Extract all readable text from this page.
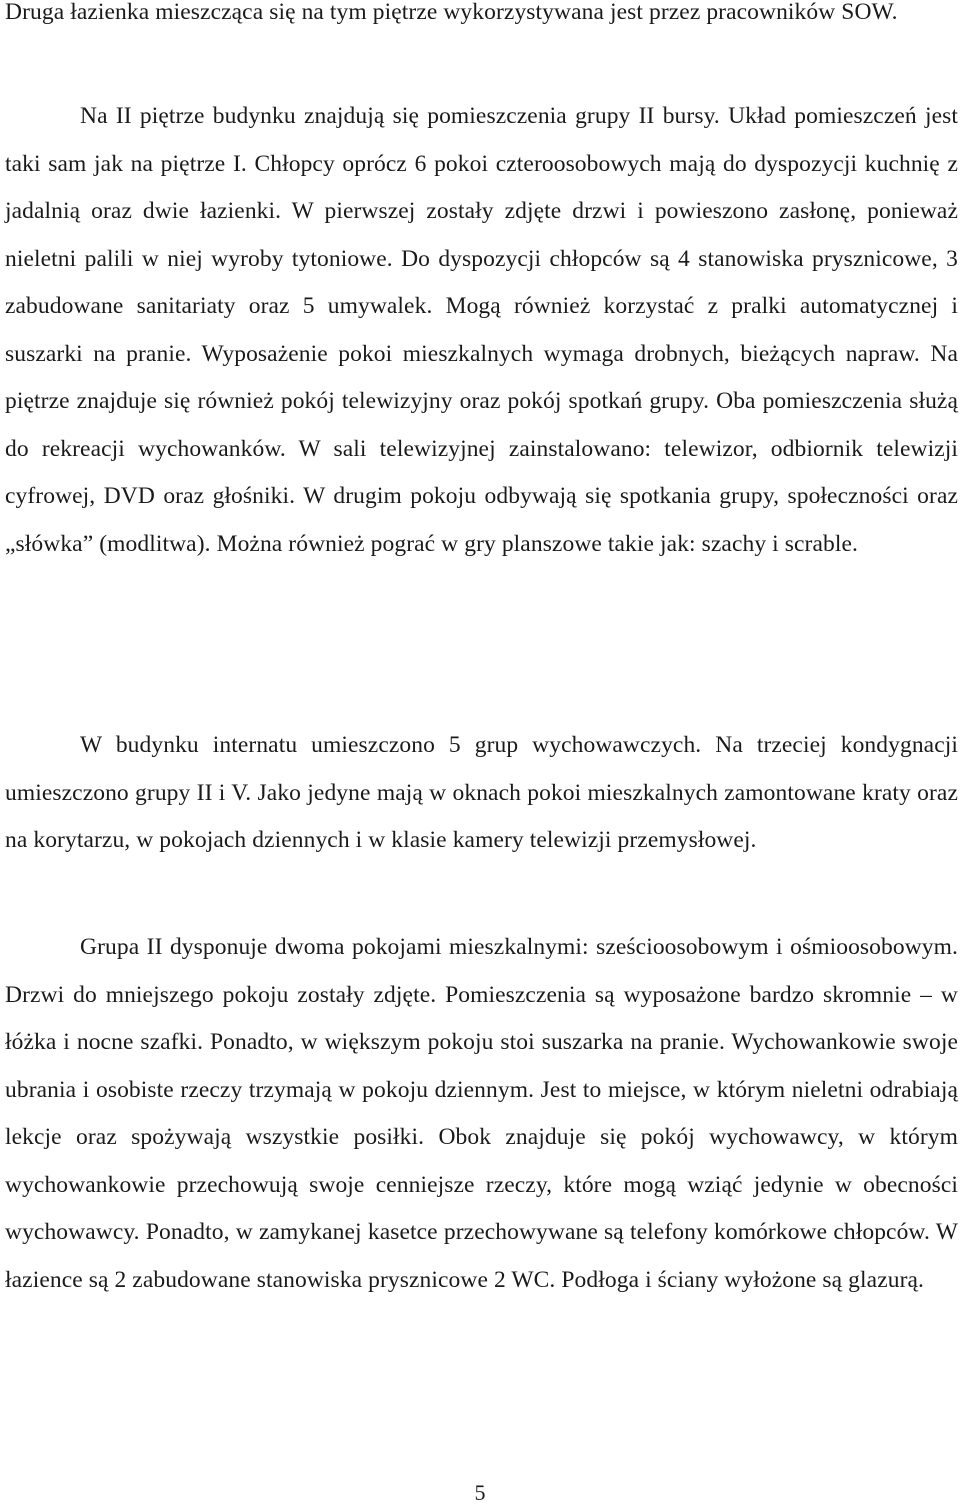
Druga łazienka mieszcząca się na tym piętrze wykorzystywana jest przez pracowników SOW.

Na II piętrze budynku znajdują się pomieszczenia grupy II bursy. Układ pomieszczeń jest taki sam jak na piętrze I. Chłopcy oprócz 6 pokoi czteroosobowych mają do dyspozycji kuchnię z jadalnią oraz dwie łazienki. W pierwszej zostały zdjęte drzwi i powieszono zasłonę, ponieważ nieletni palili w niej wyroby tytoniowe. Do dyspozycji chłopców są 4 stanowiska prysznicowe, 3 zabudowane sanitariaty oraz 5 umywalek. Mogą również korzystać z pralki automatycznej i suszarki na pranie. Wyposażenie pokoi mieszkalnych wymaga drobnych, bieżących napraw. Na piętrze znajduje się również pokój telewizyjny oraz pokój spotkań grupy. Oba pomieszczenia służą do rekreacji wychowanków. W sali telewizyjnej zainstalowano: telewizor, odbiornik telewizji cyfrowej, DVD oraz głośniki. W drugim pokoju odbywają się spotkania grupy, społeczności oraz „słówka” (modlitwa). Można również pograć w gry planszowe takie jak: szachy i scrable.

W budynku internatu umieszczono 5 grup wychowawczych. Na trzeciej kondygnacji umieszczono grupy II i V. Jako jedyne mają w oknach pokoi mieszkalnych zamontowane kraty oraz na korytarzu, w pokojach dziennych i w klasie kamery telewizji przemysłowej.

Grupa II dysponuje dwoma pokojami mieszkalnymi: sześcioosobowym i ośmioosobowym. Drzwi do mniejszego pokoju zostały zdjęte. Pomieszczenia są wyposażone bardzo skromnie – w łóżka i nocne szafki. Ponadto, w większym pokoju stoi suszarka na pranie. Wychowankowie swoje ubrania i osobiste rzeczy trzymają w pokoju dziennym. Jest to miejsce, w którym nieletni odrabiają lekcje oraz spożywają wszystkie posiłki. Obok znajduje się pokój wychowawcy, w którym wychowankowie przechowują swoje cenniejsze rzeczy, które mogą wziąć jedynie w obecności wychowawcy. Ponadto, w zamykanej kasetce przechowywane są telefony komórkowe chłopców. W łazience są 2 zabudowane stanowiska prysznicowe 2 WC. Podłoga i ściany wyłożone są glazurą.

5
